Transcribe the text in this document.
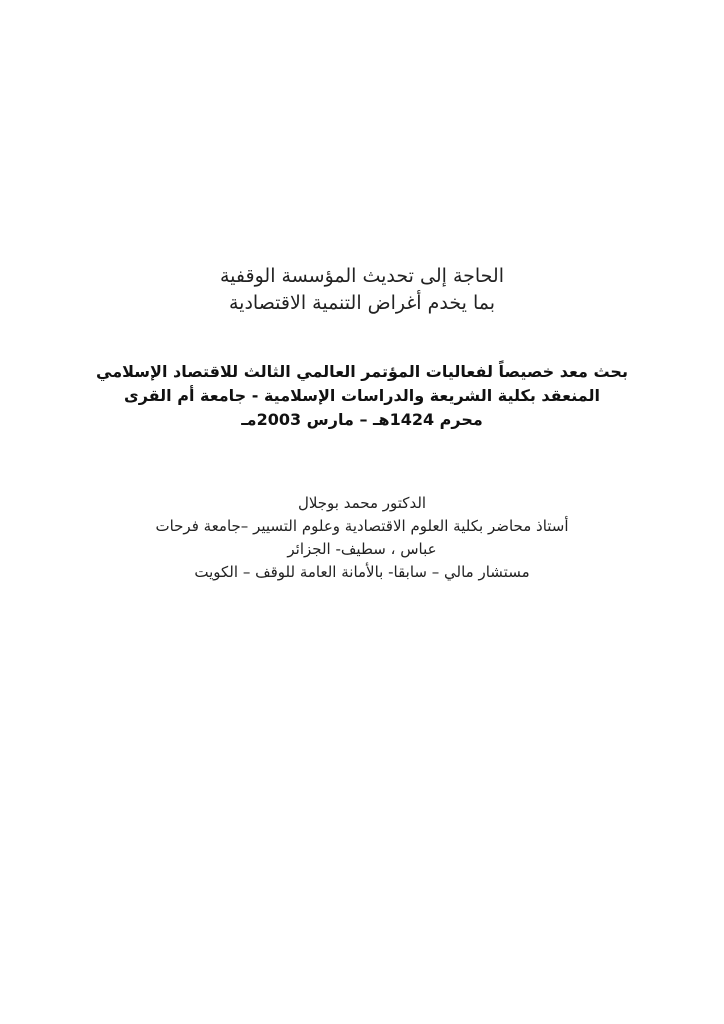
الحاجة إلى تحديث المؤسسة الوقفية
بما يخدم أغراض التنمية الاقتصادية
بحث معد خصيصاً لفعاليات المؤتمر العالمي الثالث للاقتصاد الإسلامي
المنعقد بكلية الشريعة والدراسات الإسلامية - جامعة أم القرى
محرم 1424هـ – مارس 2003مـ
الدكتور محمد بوجلال
أستاذ محاضر بكلية العلوم الاقتصادية وعلوم التسيير –جامعة فرحات
عباس ، سطيف- الجزائر
مستشار مالي – سابقا- بالأمانة العامة للوقف – الكويت
